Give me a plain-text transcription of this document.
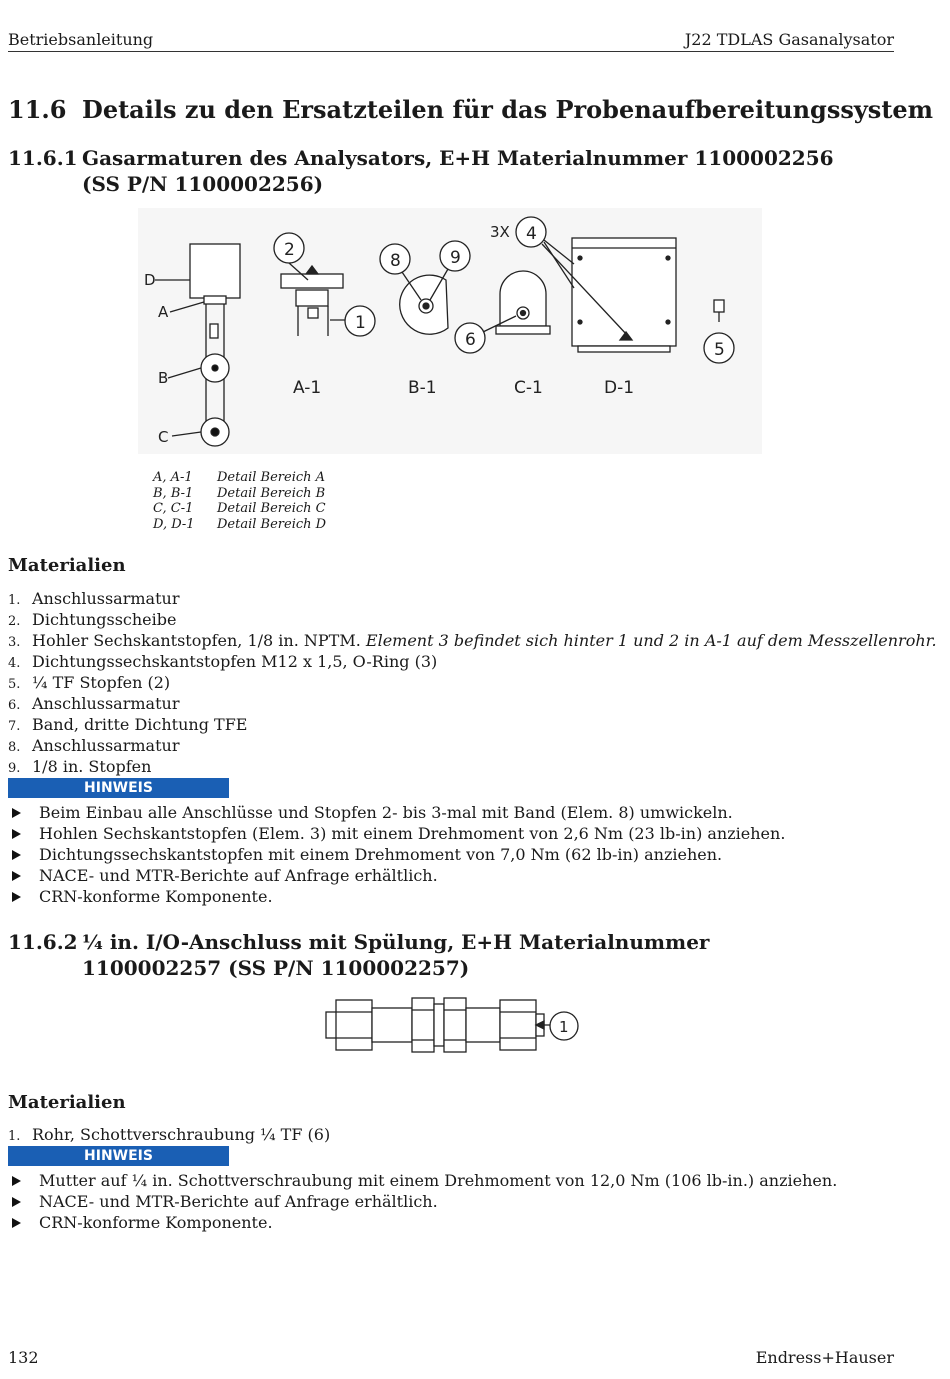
Betriebsanleitung	J22 TDLAS Gasanalysator
11.6 Details zu den Ersatzteilen für das Probenaufbereitungssystem
11.6.1 Gasarmaturen des Analysators, E+H Materialnummer 1100002256 (SS P/N 1100002256)
D
A
B
C
2
1
8	9
6
3X 4
5
A-1	B-1	C-1	D-1
A, A-1 Detail Bereich A
B, B-1 Detail Bereich B
C, C-1 Detail Bereich C
D, D-1 Detail Bereich D
Materialien
1. Anschlussarmatur
2. Dichtungsscheibe
3. Hohler Sechskantstopfen, 1/8 in. NPTM. Element 3 befindet sich hinter 1 und 2 in A-1 auf dem Messzellenrohr.
4. Dichtungssechskantstopfen M12 x 1,5, O-Ring (3)
5. ¼ TF Stopfen (2)
6. Anschlussarmatur
7. Band, dritte Dichtung TFE
8. Anschlussarmatur
9. 1/8 in. Stopfen
HINWEIS
Beim Einbau alle Anschlüsse und Stopfen 2- bis 3-mal mit Band (Elem. 8) umwickeln.
Hohlen Sechskantstopfen (Elem. 3) mit einem Drehmoment von 2,6 Nm (23 lb-in) anziehen.
Dichtungssechskantstopfen mit einem Drehmoment von 7,0 Nm (62 lb-in) anziehen.
NACE- und MTR-Berichte auf Anfrage erhältlich.
CRN-konforme Komponente.
11.6.2 ¼ in. I/O-Anschluss mit Spülung, E+H Materialnummer 1100002257 (SS P/N 1100002257)
1
Materialien
1. Rohr, Schottverschraubung ¼ TF (6)
HINWEIS
Mutter auf ¼ in. Schottverschraubung mit einem Drehmoment von 12,0 Nm (106 lb-in.) anziehen.
NACE- und MTR-Berichte auf Anfrage erhältlich.
CRN-konforme Komponente.
132	Endress+Hauser
